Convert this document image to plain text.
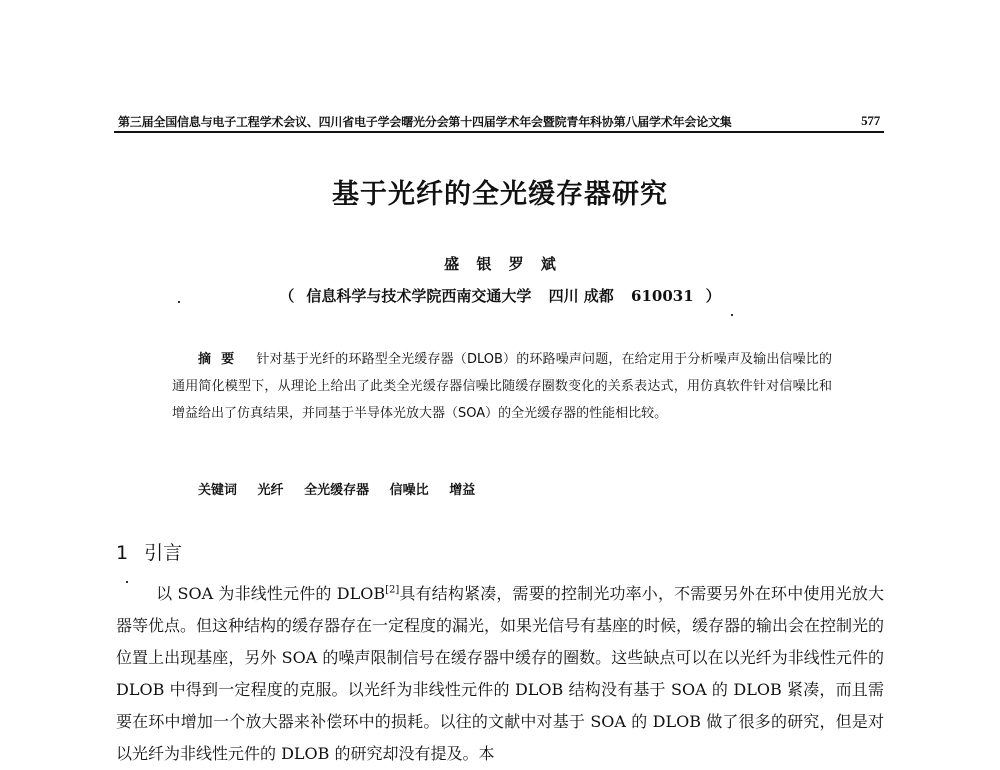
第三届全国信息与电子工程学术会议、四川省电子学会曙光分会第十四届学术年会暨院青年科协第八届学术年会论文集	577
基于光纤的全光缓存器研究
盛 银 罗 斌
（ 信息科学与技术学院西南交通大学 四川 成都 610031 ）
摘要 针对基于光纤的环路型全光缓存器（DLOB）的环路噪声问题，在给定用于分析噪声及输出信噪比的通用简化模型下，从理论上给出了此类全光缓存器信噪比随缓存圈数变化的关系表达式，用仿真软件针对信噪比和增益给出了仿真结果，并同基于半导体光放大器（SOA）的全光缓存器的性能相比较。
关键词 光纤 全光缓存器 信噪比 增益
1 引言
以 SOA 为非线性元件的 DLOB[2]具有结构紧凑，需要的控制光功率小，不需要另外在环中使用光放大器等优点。但这种结构的缓存器存在一定程度的漏光，如果光信号有基座的时候，缓存器的输出会在控制光的位置上出现基座，另外 SOA 的噪声限制信号在缓存器中缓存的圈数。这些缺点可以在以光纤为非线性元件的 DLOB 中得到一定程度的克服。以光纤为非线性元件的 DLOB 结构没有基于 SOA 的 DLOB 紧凑，而且需要在环中增加一个放大器来补偿环中的损耗。以往的文献中对基于 SOA 的 DLOB 做了很多的研究，但是对以光纤为非线性元件的 DLOB 的研究却没有提及。本
